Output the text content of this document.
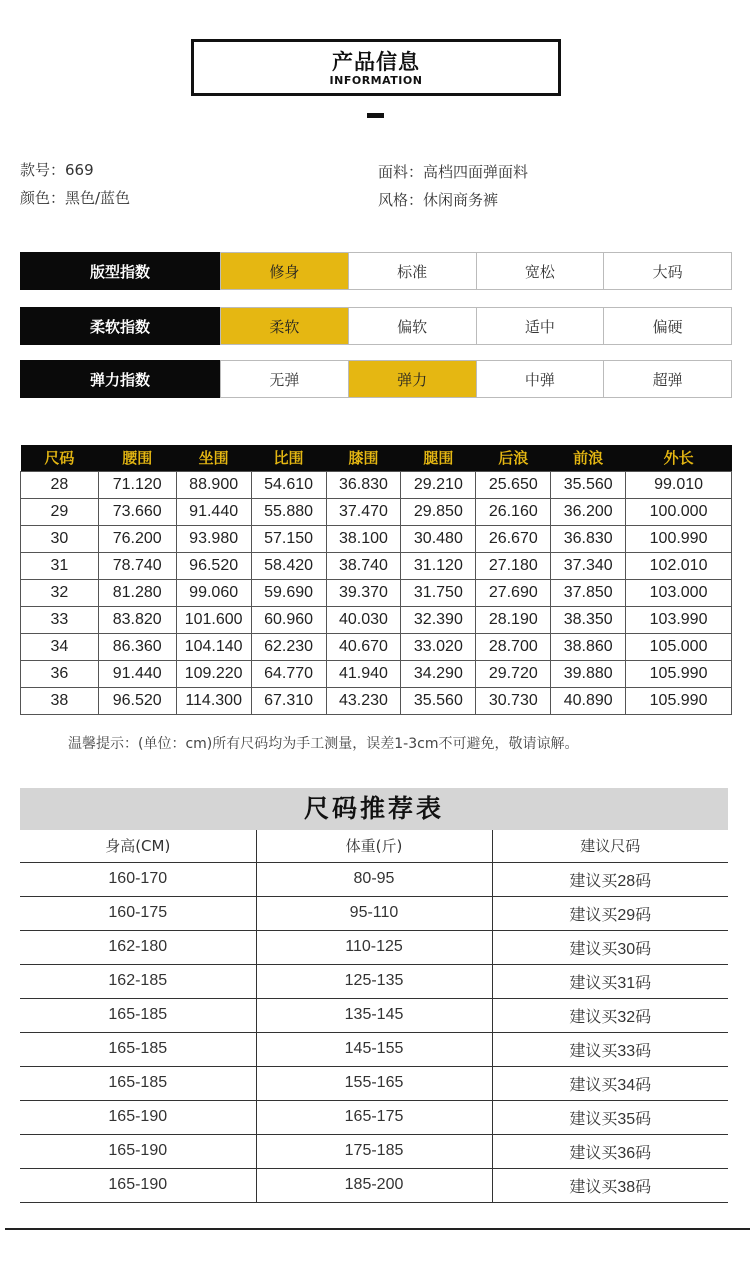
产品信息
INFORMATION
款号：669
颜色：黑色/蓝色
面料：高档四面弹面料
风格：休闲商务裤
版型指数	修身	标准	宽松	大码
柔软指数	柔软	偏软	适中	偏硬
弹力指数	无弹	弹力	中弹	超弹
尺码	腰围	坐围	比围	膝围	腿围	后浪	前浪	外长
28	71.120	88.900	54.610	36.830	29.210	25.650	35.560	99.010
29	73.660	91.440	55.880	37.470	29.850	26.160	36.200	100.000
30	76.200	93.980	57.150	38.100	30.480	26.670	36.830	100.990
31	78.740	96.520	58.420	38.740	31.120	27.180	37.340	102.010
32	81.280	99.060	59.690	39.370	31.750	27.690	37.850	103.000
33	83.820	101.600	60.960	40.030	32.390	28.190	38.350	103.990
34	86.360	104.140	62.230	40.670	33.020	28.700	38.860	105.000
36	91.440	109.220	64.770	41.940	34.290	29.720	39.880	105.990
38	96.520	114.300	67.310	43.230	35.560	30.730	40.890	105.990
温馨提示：(单位：cm)所有尺码均为手工测量，误差1-3cm不可避免，敬请谅解。
尺码推荐表
身高(CM)	体重(斤)	建议尺码
160-170	80-95	建议买28码
160-175	95-110	建议买29码
162-180	110-125	建议买30码
162-185	125-135	建议买31码
165-185	135-145	建议买32码
165-185	145-155	建议买33码
165-185	155-165	建议买34码
165-190	165-175	建议买35码
165-190	175-185	建议买36码
165-190	185-200	建议买38码
